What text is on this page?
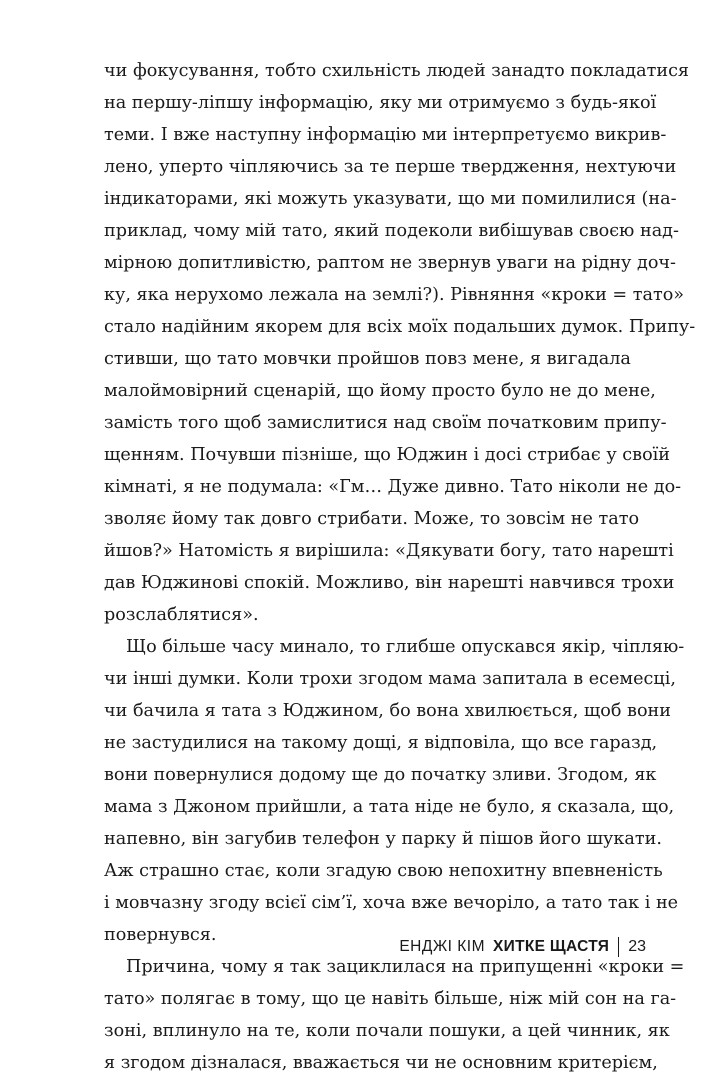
чи фокусування, тобто схильність людей занадто покладатися
на першу-ліпшу інформацію, яку ми отримуємо з будь-якої
теми. І вже наступну інформацію ми інтерпретуємо викрив-
лено, уперто чіпляючись за те перше твердження, нехтуючи
індикаторами, які можуть указувати, що ми помилилися (на-
приклад, чому мій тато, який подеколи вибішував своєю над-
мірною допитливістю, раптом не звернув уваги на рідну доч-
ку, яка нерухомо лежала на землі?). Рівняння «кроки = тато»
стало надійним якорем для всіх моїх подальших думок. Припу-
стивши, що тато мовчки пройшов повз мене, я вигадала
малоймовірний сценарій, що йому просто було не до мене,
замість того щоб замислитися над своїм початковим припу-
щенням. Почувши пізніше, що Юджин і досі стрибає у своїй
кімнаті, я не подумала: «Гм… Дуже дивно. Тато ніколи не до-
зволяє йому так довго стрибати. Може, то зовсім не тато
йшов?» Натомість я вирішила: «Дякувати богу, тато нарешті
дав Юджинові спокій. Можливо, він нарешті навчився трохи
розслаблятися».
Що більше часу минало, то глибше опускався якір, чіпляю-
чи інші думки. Коли трохи згодом мама запитала в есемесці,
чи бачила я тата з Юджином, бо вона хвилюється, щоб вони
не застудилися на такому дощі, я відповіла, що все гаразд,
вони повернулися додому ще до початку зливи. Згодом, як
мама з Джоном прийшли, а тата ніде не було, я сказала, що,
напевно, він загубив телефон у парку й пішов його шукати.
Аж страшно стає, коли згадую свою непохитну впевненість
і мовчазну згоду всієї сім’ї, хоча вже вечоріло, а тато так і не
повернувся.
Причина, чому я так зациклилася на припущенні «кроки =
тато» полягає в тому, що це навіть більше, ніж мій сон на га-
зоні, вплинуло на те, коли почали пошуки, а цей чинник, як
я згодом дізналася, вважається чи не основним критерієм,
ЕНДЖІ КІМ ХИТКЕ ЩАСТЯ 23
